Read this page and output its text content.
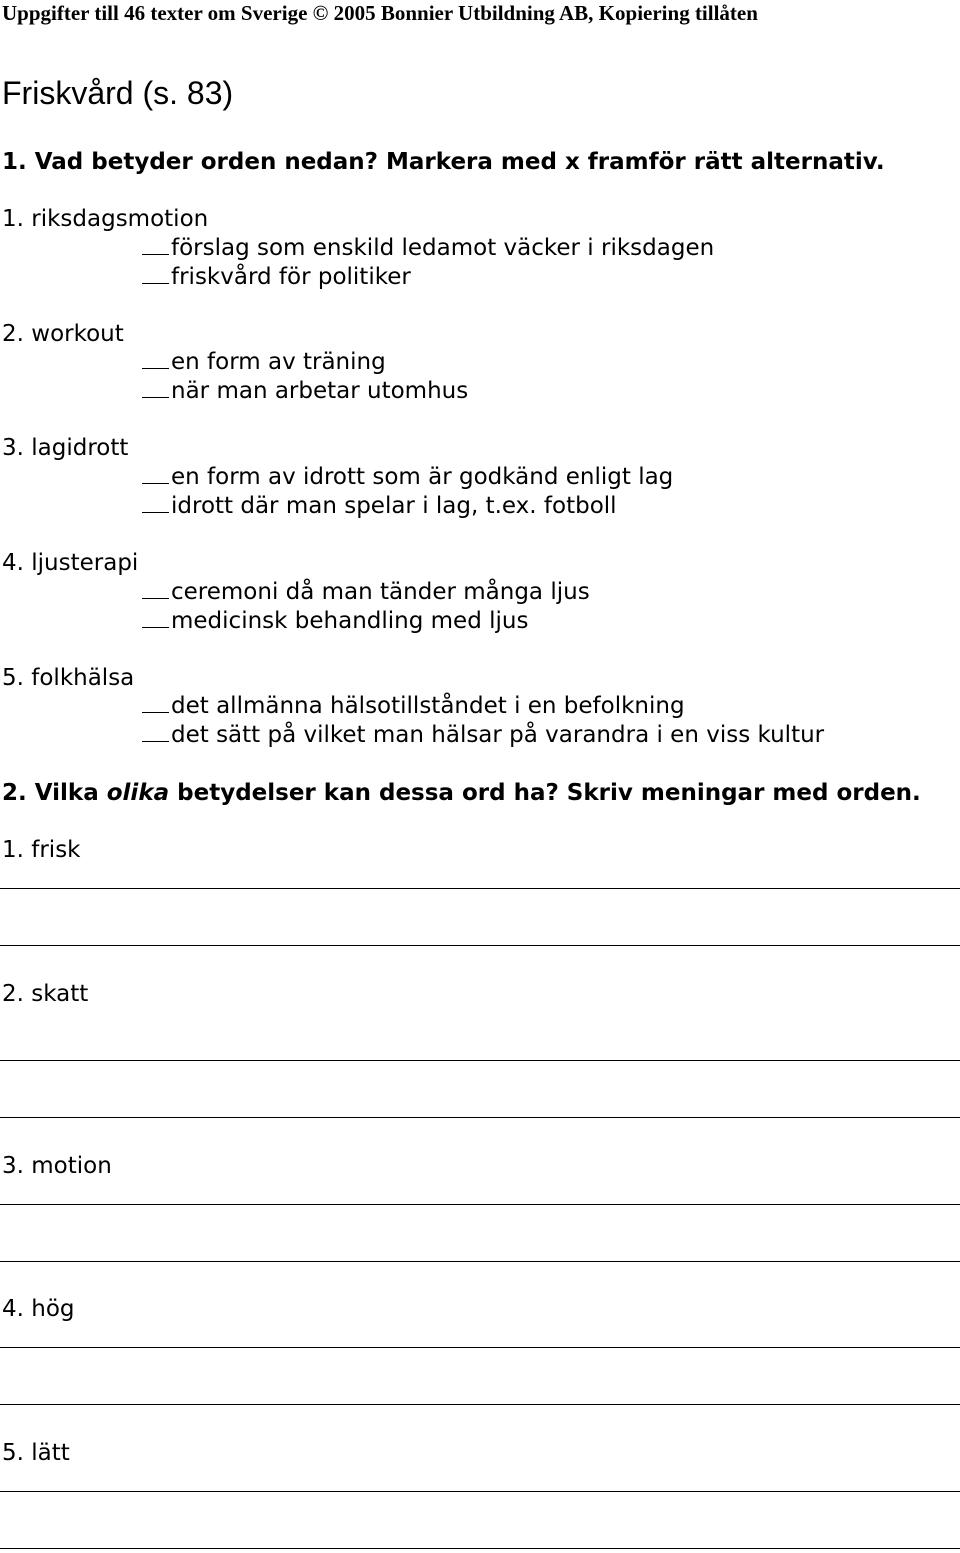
Uppgifter till 46 texter om Sverige © 2005 Bonnier Utbildning AB, Kopiering tillåten
Friskvård (s. 83)
1. Vad betyder orden nedan? Markera med x framför rätt alternativ.
1. riksdagsmotion
förslag som enskild ledamot väcker i riksdagen
friskvård för politiker
2. workout
en form av träning
när man arbetar utomhus
3. lagidrott
en form av idrott som är godkänd enligt lag
idrott där man spelar i lag, t.ex. fotboll
4. ljusterapi
ceremoni då man tänder många ljus
medicinsk behandling med ljus
5. folkhälsa
det allmänna hälsotillståndet i en befolkning
det sätt på vilket man hälsar på varandra i en viss kultur
2. Vilka olika betydelser kan dessa ord ha? Skriv meningar med orden.
1. frisk
2. skatt
3. motion
4. hög
5. lätt
